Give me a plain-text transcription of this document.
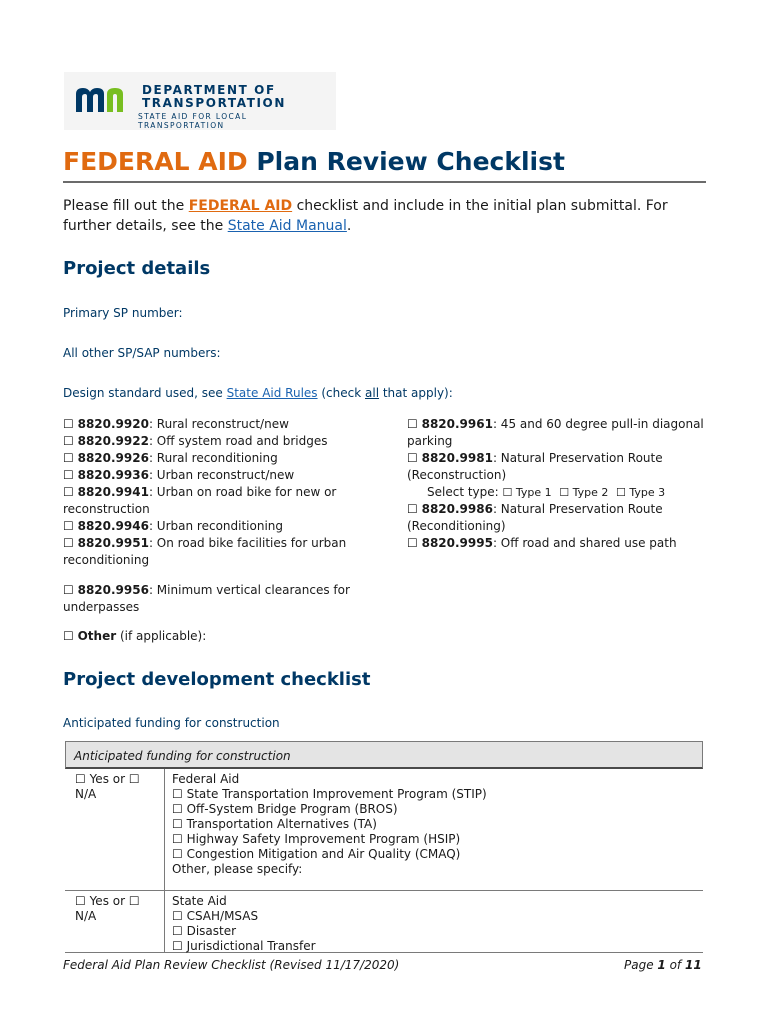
DEPARTMENT OF
TRANSPORTATION
STATE AID FOR LOCAL TRANSPORTATION
FEDERAL AID Plan Review Checklist
Please fill out the FEDERAL AID checklist and include in the initial plan submittal. For further details, see the State Aid Manual.
Project details
Primary SP number:
All other SP/SAP numbers:
Design standard used, see State Aid Rules (check all that apply):
☐ 8820.9920: Rural reconstruct/new
☐ 8820.9922: Off system road and bridges
☐ 8820.9926: Rural reconditioning
☐ 8820.9936: Urban reconstruct/new
☐ 8820.9941: Urban on road bike for new or reconstruction
☐ 8820.9946: Urban reconditioning
☐ 8820.9951: On road bike facilities for urban reconditioning
☐ 8820.9961: 45 and 60 degree pull-in diagonal parking
☐ 8820.9981: Natural Preservation Route (Reconstruction)
Select type: ☐ Type 1 ☐ Type 2 ☐ Type 3
☐ 8820.9986: Natural Preservation Route (Reconditioning)
☐ 8820.9995: Off road and shared use path
☐ 8820.9956: Minimum vertical clearances for underpasses
☐ Other (if applicable):
Project development checklist
Anticipated funding for construction
Anticipated funding for construction
☐ Yes or ☐
N/A
Federal Aid
☐ State Transportation Improvement Program (STIP)
☐ Off-System Bridge Program (BROS)
☐ Transportation Alternatives (TA)
☐ Highway Safety Improvement Program (HSIP)
☐ Congestion Mitigation and Air Quality (CMAQ)
Other, please specify:
☐ Yes or ☐
N/A
State Aid
☐ CSAH/MSAS
☐ Disaster
☐ Jurisdictional Transfer
Federal Aid Plan Review Checklist (Revised 11/17/2020)	Page 1 of 11
